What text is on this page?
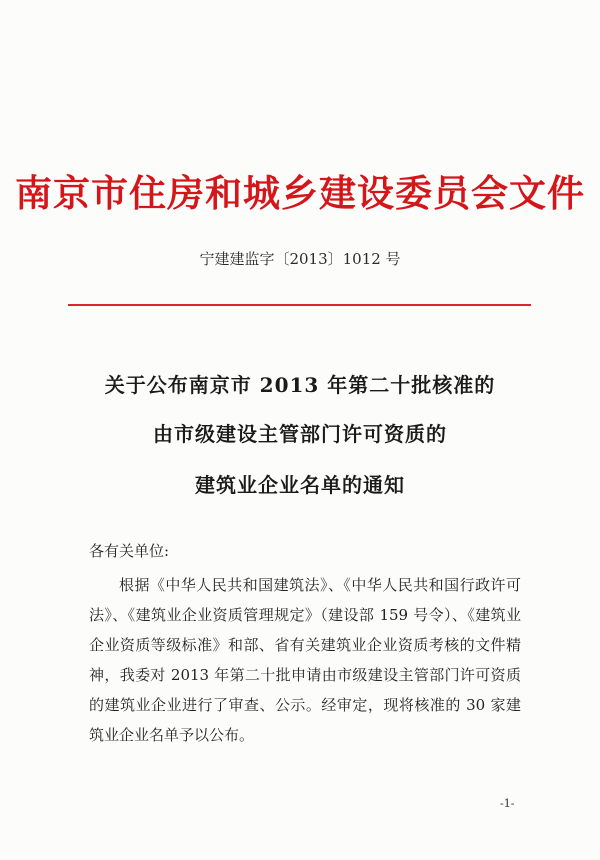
南京市住房和城乡建设委员会文件
宁建建监字〔2013〕1012 号
关于公布南京市 2013 年第二十批核准的
由市级建设主管部门许可资质的
建筑业企业名单的通知
各有关单位:
根据《中华人民共和国建筑法》、《中华人民共和国行政许可法》、《建筑业企业资质管理规定》（建设部 159 号令）、《建筑业企业资质等级标准》和部、省有关建筑业企业资质考核的文件精神，我委对 2013 年第二十批申请由市级建设主管部门许可资质的建筑业企业进行了审查、公示。经审定，现将核准的 30 家建筑业企业名单予以公布。
-1-
